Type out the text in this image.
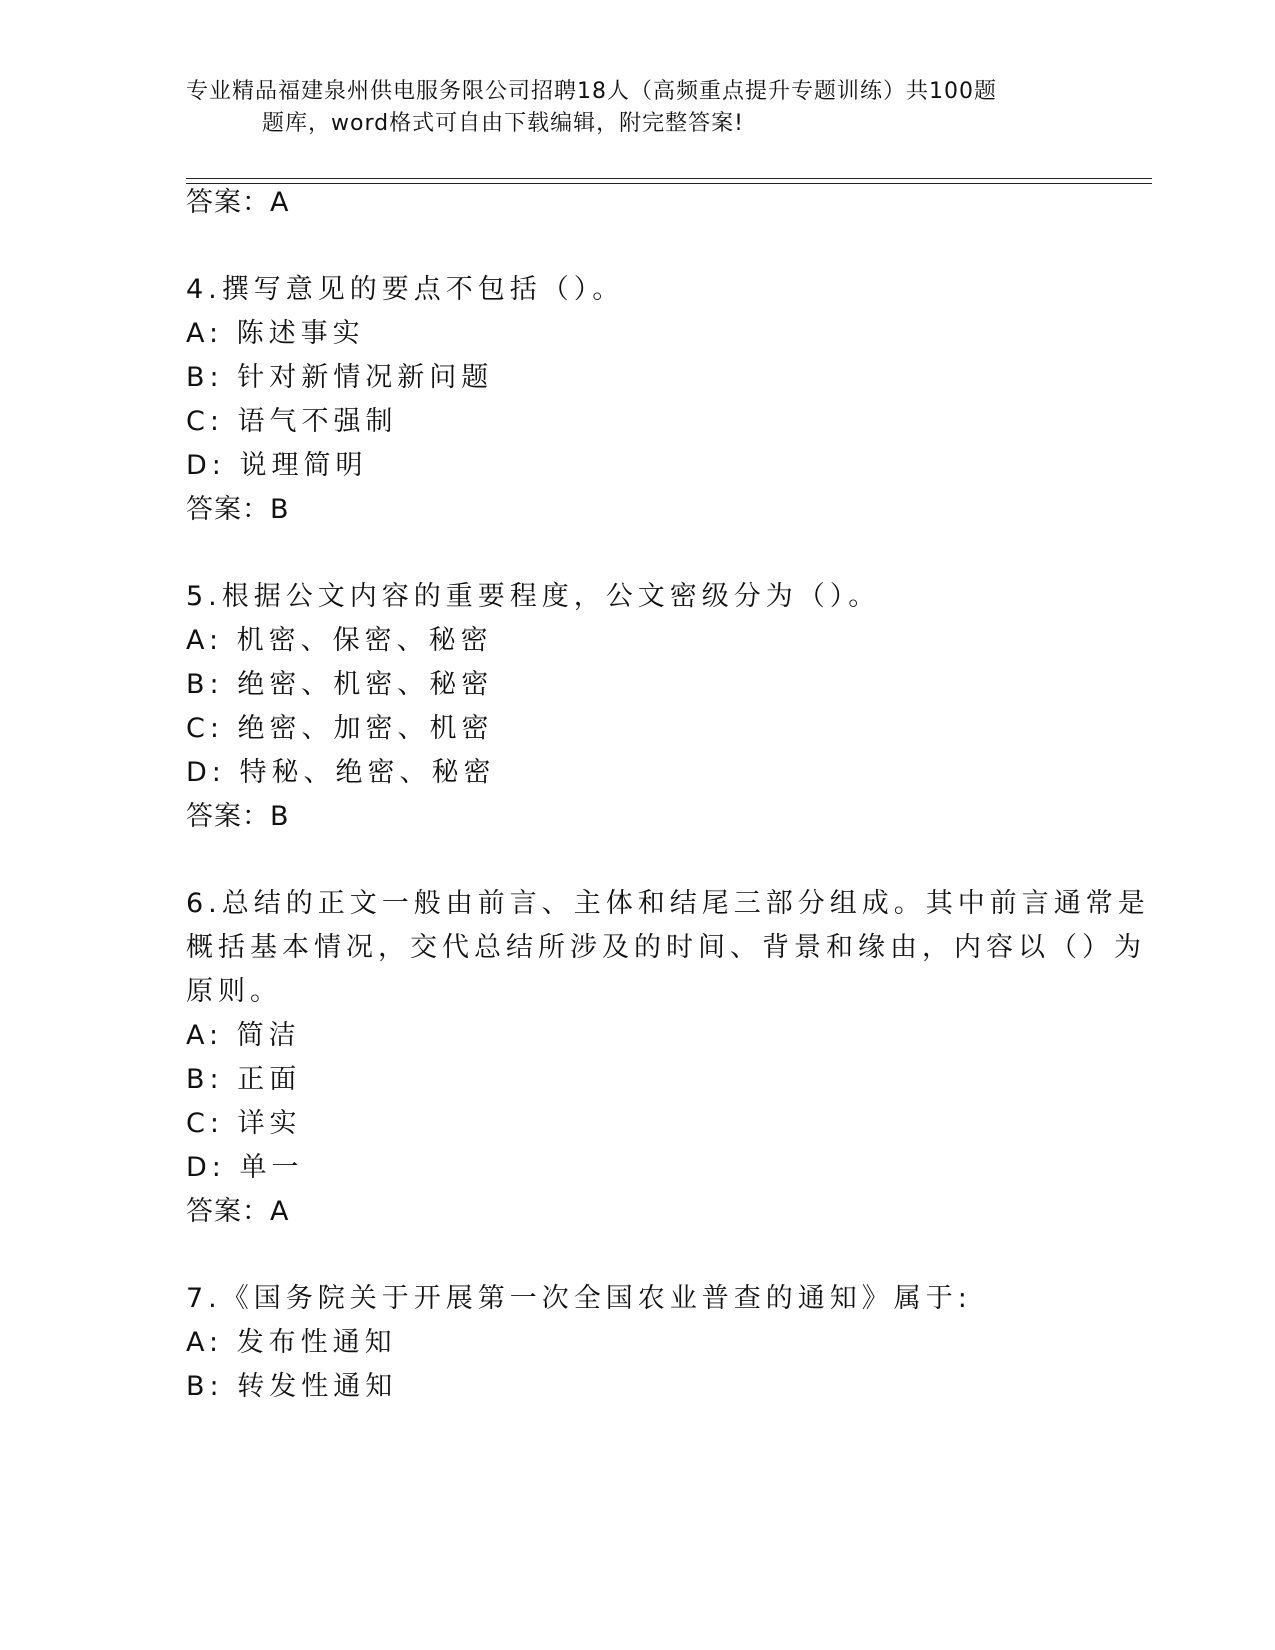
专业精品福建泉州供电服务限公司招聘18人（高频重点提升专题训练）共100题
题库，word格式可自由下载编辑，附完整答案!
答案：A
4.撰写意见的要点不包括（）。
A: 陈述事实
B: 针对新情况新问题
C: 语气不强制
D: 说理简明
答案：B
5.根据公文内容的重要程度，公文密级分为（）。
A: 机密、保密、秘密
B: 绝密、机密、秘密
C: 绝密、加密、机密
D: 特秘、绝密、秘密
答案：B
6.总结的正文一般由前言、主体和结尾三部分组成。其中前言通常是
概括基本情况，交代总结所涉及的时间、背景和缘由，内容以（）为
原则。
A: 简洁
B: 正面
C: 详实
D: 单一
答案：A
7.《国务院关于开展第一次全国农业普查的通知》属于:
A: 发布性通知
B: 转发性通知
